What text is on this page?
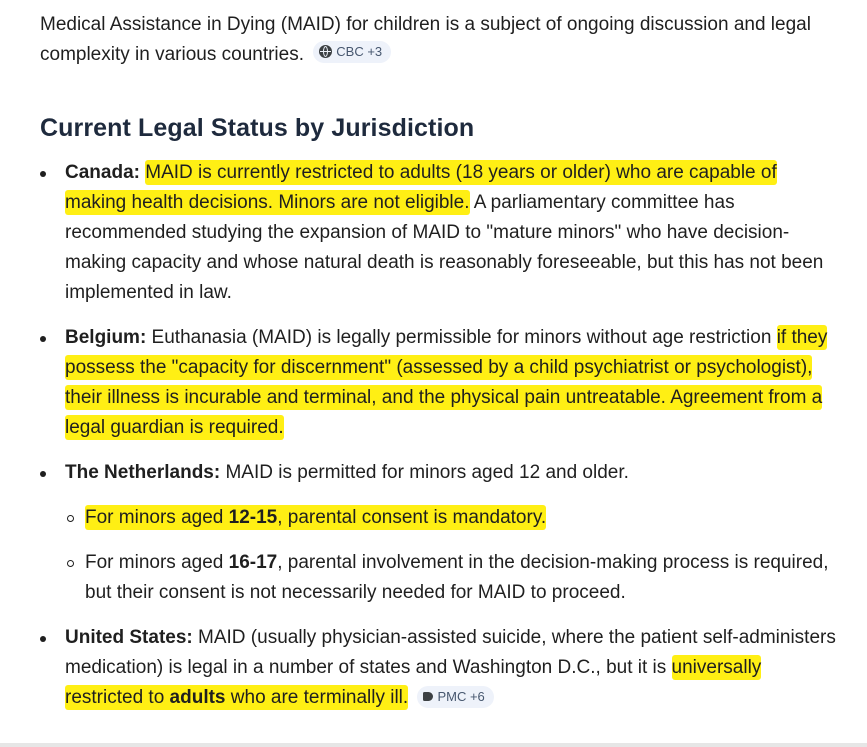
Medical Assistance in Dying (MAID) for children is a subject of ongoing discussion and legal complexity in various countries. CBC +3

Current Legal Status by Jurisdiction
Canada: MAID is currently restricted to adults (18 years or older) who are capable of making health decisions. Minors are not eligible. A parliamentary committee has recommended studying the expansion of MAID to "mature minors" who have decision-making capacity and whose natural death is reasonably foreseeable, but this has not been implemented in law.
Belgium: Euthanasia (MAID) is legally permissible for minors without age restriction if they possess the "capacity for discernment" (assessed by a child psychiatrist or psychologist), their illness is incurable and terminal, and the physical pain untreatable. Agreement from a legal guardian is required.
The Netherlands: MAID is permitted for minors aged 12 and older.
For minors aged 12-15, parental consent is mandatory.
For minors aged 16-17, parental involvement in the decision-making process is required, but their consent is not necessarily needed for MAID to proceed.
United States: MAID (usually physician-assisted suicide, where the patient self-administers medication) is legal in a number of states and Washington D.C., but it is universally restricted to adults who are terminally ill. PMC +6
